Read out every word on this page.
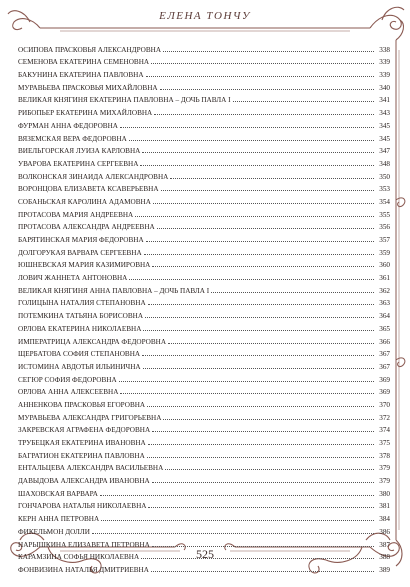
ЕЛЕНА ТОНЧУ
ОСИПОВА ПРАСКОВЬЯ АЛЕКСАНДРОВНА	338
СЕМЕНОВА ЕКАТЕРИНА СЕМЕНОВНА	339
БАКУНИНА ЕКАТЕРИНА ПАВЛОВНА	339
МУРАВЬЕВА ПРАСКОВЬЯ МИХАЙЛОВНА	340
ВЕЛИКАЯ КНЯГИНЯ ЕКАТЕРИНА ПАВЛОВНА – ДОЧЬ ПАВЛА I	341
РИБОПЬЕР ЕКАТЕРИНА МИХАЙЛОВНА	343
ФУРМАН АННА ФЕДОРОВНА	345
ВЯЗЕМСКАЯ ВЕРА ФЕДОРОВНА	345
ВИЕЛЬГОРСКАЯ ЛУИЗА КАРЛОВНА	347
УВАРОВА ЕКАТЕРИНА СЕРГЕЕВНА	348
ВОЛКОНСКАЯ ЗИНАИДА АЛЕКСАНДРОВНА	350
ВОРОНЦОВА ЕЛИЗАВЕТА КСАВЕРЬЕВНА	353
СОБАНЬСКАЯ КАРОЛИНА АДАМОВНА	354
ПРОТАСОВА МАРИЯ АНДРЕЕВНА	355
ПРОТАСОВА АЛЕКСАНДРА АНДРЕЕВНА	356
БАРЯТИНСКАЯ МАРИЯ ФЕДОРОВНА	357
ДОЛГОРУКАЯ ВАРВАРА СЕРГЕЕВНА	359
ЮШНЕВСКАЯ МАРИЯ КАЗИМИРОВНА	360
ЛОВИЧ ЖАННЕТА АНТОНОВНА	361
ВЕЛИКАЯ КНЯГИНЯ АННА ПАВЛОВНА – ДОЧЬ ПАВЛА I	362
ГОЛИЦЫНА НАТАЛИЯ СТЕПАНОВНА	363
ПОТЕМКИНА ТАТЬЯНА БОРИСОВНА	364
ОРЛОВА ЕКАТЕРИНА НИКОЛАЕВНА	365
ИМПЕРАТРИЦА АЛЕКСАНДРА ФЕДОРОВНА	366
ЩЕРБАТОВА СОФИЯ СТЕПАНОВНА	367
ИСТОМИНА АВДОТЬЯ ИЛЬИНИЧНА	367
СЕГЮР СОФИЯ ФЕДОРОВНА	369
ОРЛОВА АННА АЛЕКСЕЕВНА	369
АННЕНКОВА ПРАСКОВЬЯ ЕГОРОВНА	370
МУРАВЬЕВА АЛЕКСАНДРА ГРИГОРЬЕВНА	372
ЗАКРЕВСКАЯ АГРАФЕНА ФЕДОРОВНА	374
ТРУБЕЦКАЯ ЕКАТЕРИНА ИВАНОВНА	375
БАГРАТИОН ЕКАТЕРИНА ПАВЛОВНА	378
ЕНТАЛЬЦЕВА АЛЕКСАНДРА ВАСИЛЬЕВНА	379
ДАВЫДОВА АЛЕКСАНДРА ИВАНОВНА	379
ШАХОВСКАЯ ВАРВАРА	380
ГОНЧАРОВА НАТАЛЬЯ НИКОЛАЕВНА	381
КЕРН АННА ПЕТРОВНА	384
ФИКЕЛЬМОН ДОЛЛИ	386
НАРЫШКИНА ЕЛИЗАВЕТА ПЕТРОВНА	387
КАРАМЗИНА СОФЬЯ НИКОЛАЕВНА	388
ФОНВИЗИНА НАТАЛЬЯ ДМИТРИЕВНА	389
525
